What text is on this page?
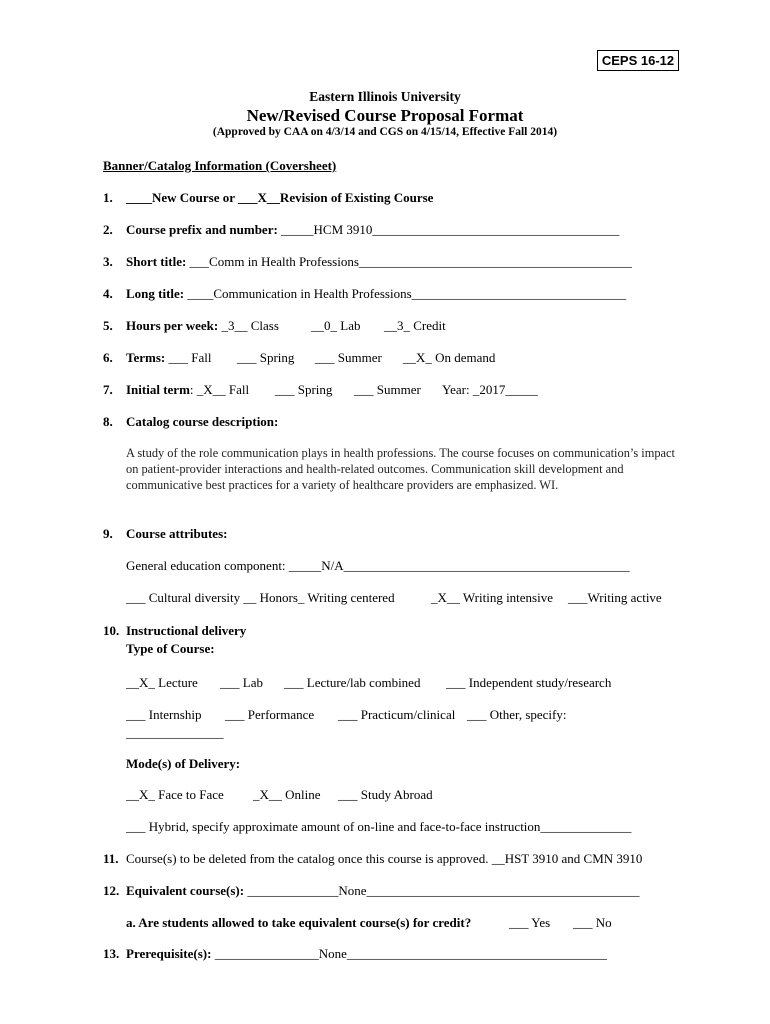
CEPS 16-12
Eastern Illinois University
New/Revised Course Proposal Format
(Approved by CAA on 4/3/14 and CGS on 4/15/14, Effective Fall 2014)
Banner/Catalog Information (Coversheet)
1. ____New Course or ___X__Revision of Existing Course
2. Course prefix and number: _____HCM 3910______________________________________
3. Short title: ___Comm in Health Professions__________________________________________
4. Long title: ____Communication in Health Professions_________________________________
5. Hours per week: _3__ Class __0_ Lab __3_ Credit
6. Terms: ___ Fall ___ Spring ___ Summer __X_ On demand
7. Initial term: _X__ Fall ___ Spring ___ Summer Year: _2017_____
8. Catalog course description:
A study of the role communication plays in health professions. The course focuses on communication’s impact on patient-provider interactions and health-related outcomes. Communication skill development and communicative best practices for a variety of healthcare providers are emphasized. WI.
9. Course attributes:
General education component: _____N/A____________________________________________
___ Cultural diversity __ Honors_ Writing centered	_X__ Writing intensive ___Writing active
10. Instructional delivery
Type of Course:
__X_ Lecture ___ Lab ___ Lecture/lab combined ___ Independent study/research
___ Internship ___ Performance ___ Practicum/clinical ___ Other, specify:
_______________
Mode(s) of Delivery:
__X_ Face to Face _X__ Online ___ Study Abroad
___ Hybrid, specify approximate amount of on-line and face-to-face instruction______________
11. Course(s) to be deleted from the catalog once this course is approved. __HST 3910 and CMN 3910
12. Equivalent course(s): ______________None__________________________________________
a. Are students allowed to take equivalent course(s) for credit?	___ Yes ___ No
13. Prerequisite(s): ________________None________________________________________
